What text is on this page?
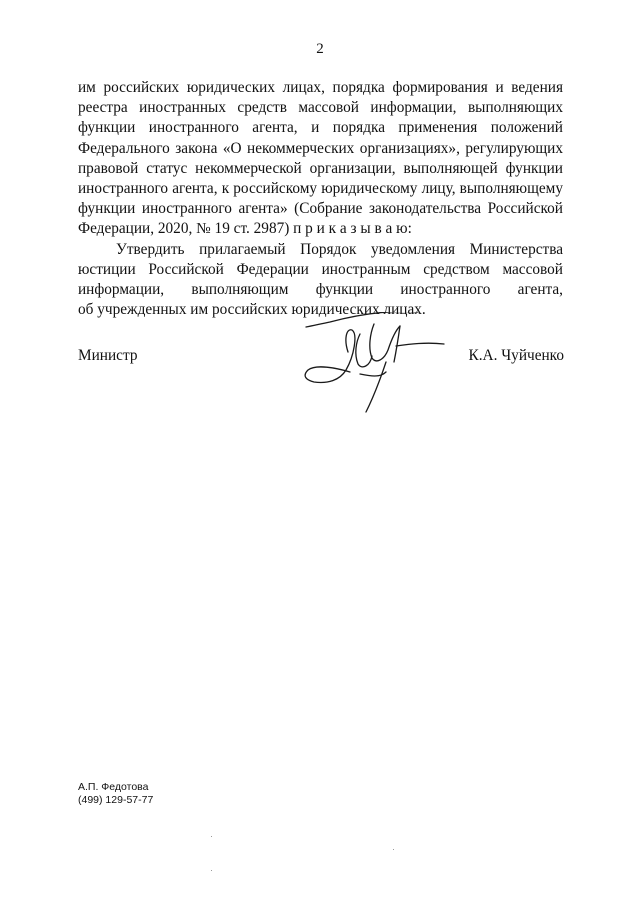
2

им российских юридических лицах, порядка формирования и ведения
реестра иностранных средств массовой информации, выполняющих
функции иностранного агента, и порядка применения положений
Федерального закона «О некоммерческих организациях», регулирующих
правовой статус некоммерческой организации, выполняющей функции
иностранного агента, к российскому юридическому лицу, выполняющему
функции иностранного агента» (Собрание законодательства Российской
Федерации, 2020, № 19 ст. 2987) п р и к а з ы в а ю:

Утвердить прилагаемый Порядок уведомления Министерства
юстиции Российской Федерации иностранным средством массовой
информации, выполняющим функции иностранного агента,
об учрежденных им российских юридических лицах.

Министр	К.А. Чуйченко
А.П. Федотова
(499) 129-57-77
